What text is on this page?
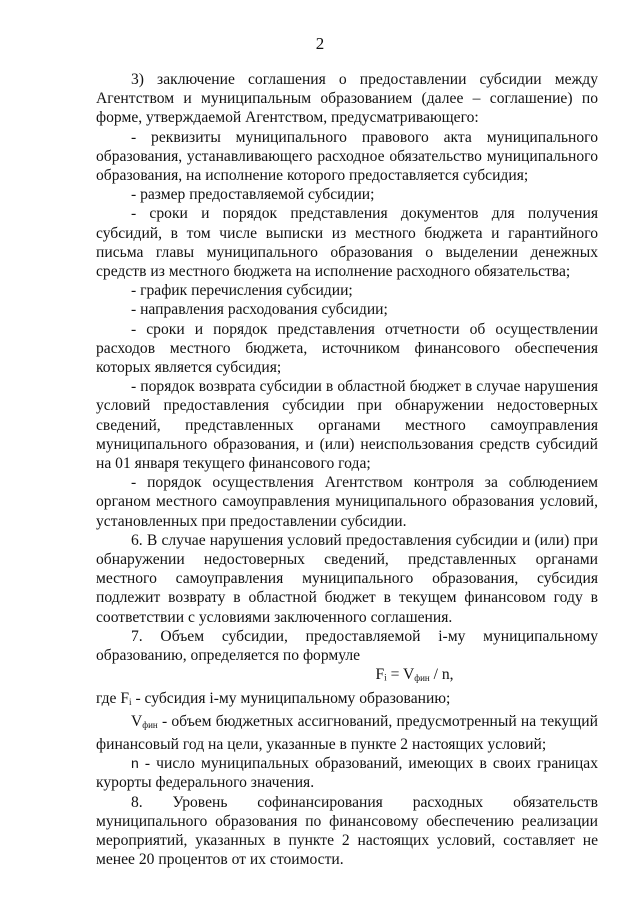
2

3) заключение соглашения о предоставлении субсидии между Агентством и муниципальным образованием (далее – соглашение) по форме, утверждаемой Агентством, предусматривающего:

- реквизиты муниципального правового акта муниципального образования, устанавливающего расходное обязательство муниципального образования, на исполнение которого предоставляется субсидия;

- размер предоставляемой субсидии;

- сроки и порядок представления документов для получения субсидий, в том числе выписки из местного бюджета и гарантийного письма главы муниципального образования о выделении денежных средств из местного бюджета на исполнение расходного обязательства;

- график перечисления субсидии;

- направления расходования субсидии;

- сроки и порядок представления отчетности об осуществлении расходов местного бюджета, источником финансового обеспечения которых является субсидия;

- порядок возврата субсидии в областной бюджет в случае нарушения условий предоставления субсидии при обнаружении недостоверных сведений, представленных органами местного самоуправления муниципального образования, и (или) неиспользования средств субсидий на 01 января текущего финансового года;

- порядок осуществления Агентством контроля за соблюдением органом местного самоуправления муниципального образования условий, установленных при предоставлении субсидии.

6. В случае нарушения условий предоставления субсидии и (или) при обнаружении недостоверных сведений, представленных органами местного самоуправления муниципального образования, субсидия подлежит возврату в областной бюджет в текущем финансовом году в соответствии с условиями заключенного соглашения.

7. Объем субсидии, предоставляемой i-му муниципальному образованию, определяется по формуле

Fᵢ = $V_{фин}$ / n,

где $F_i$ - субсидия i-му муниципальному образованию;

$V_{фин}$ - объем бюджетных ассигнований, предусмотренный на текущий финансовый год на цели, указанные в пункте 2 настоящих условий;

n - число муниципальных образований, имеющих в своих границах курорты федерального значения.

8. Уровень софинансирования расходных обязательств муниципального образования по финансовому обеспечению реализации мероприятий, указанных в пункте 2 настоящих условий, составляет не менее 20 процентов от их стоимости.
